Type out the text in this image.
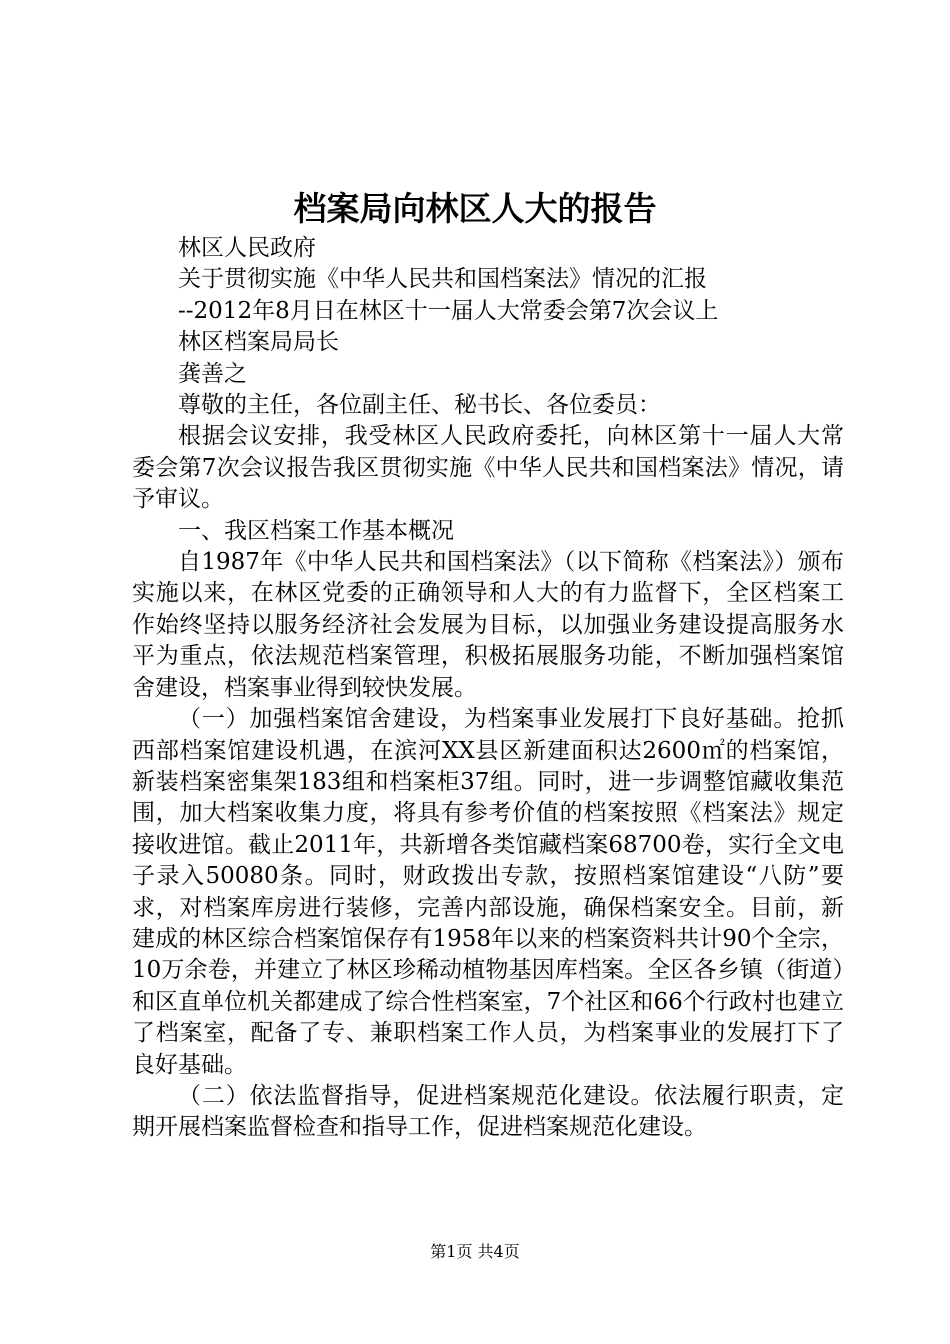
档案局向林区人大的报告

林区人民政府

关于贯彻实施《中华人民共和国档案法》情况的汇报

--2012年8月日在林区十一届人大常委会第7次会议上

林区档案局局长

龚善之

尊敬的主任，各位副主任、秘书长、各位委员：

根据会议安排，我受林区人民政府委托，向林区第十一届人大常委会第7次会议报告我区贯彻实施《中华人民共和国档案法》情况，请予审议。

一、我区档案工作基本概况

自1987年《中华人民共和国档案法》（以下简称《档案法》）颁布实施以来，在林区党委的正确领导和人大的有力监督下，全区档案工作始终坚持以服务经济社会发展为目标，以加强业务建设提高服务水平为重点，依法规范档案管理，积极拓展服务功能，不断加强档案馆舍建设，档案事业得到较快发展。

（一）加强档案馆舍建设，为档案事业发展打下良好基础。抢抓西部档案馆建设机遇，在滨河XX县区新建面积达2600㎡的档案馆，新装档案密集架183组和档案柜37组。同时，进一步调整馆藏收集范围，加大档案收集力度，将具有参考价值的档案按照《档案法》规定接收进馆。截止2011年，共新增各类馆藏档案68700卷，实行全文电子录入50080条。同时，财政拨出专款，按照档案馆建设“八防”要求，对档案库房进行装修，完善内部设施，确保档案安全。目前，新建成的林区综合档案馆保存有1958年以来的档案资料共计90个全宗，10万余卷，并建立了林区珍稀动植物基因库档案。全区各乡镇（街道）和区直单位机关都建成了综合性档案室，7个社区和66个行政村也建立了档案室，配备了专、兼职档案工作人员，为档案事业的发展打下了良好基础。

（二）依法监督指导，促进档案规范化建设。依法履行职责，定期开展档案监督检查和指导工作，促进档案规范化建设。

第1页 共4页
